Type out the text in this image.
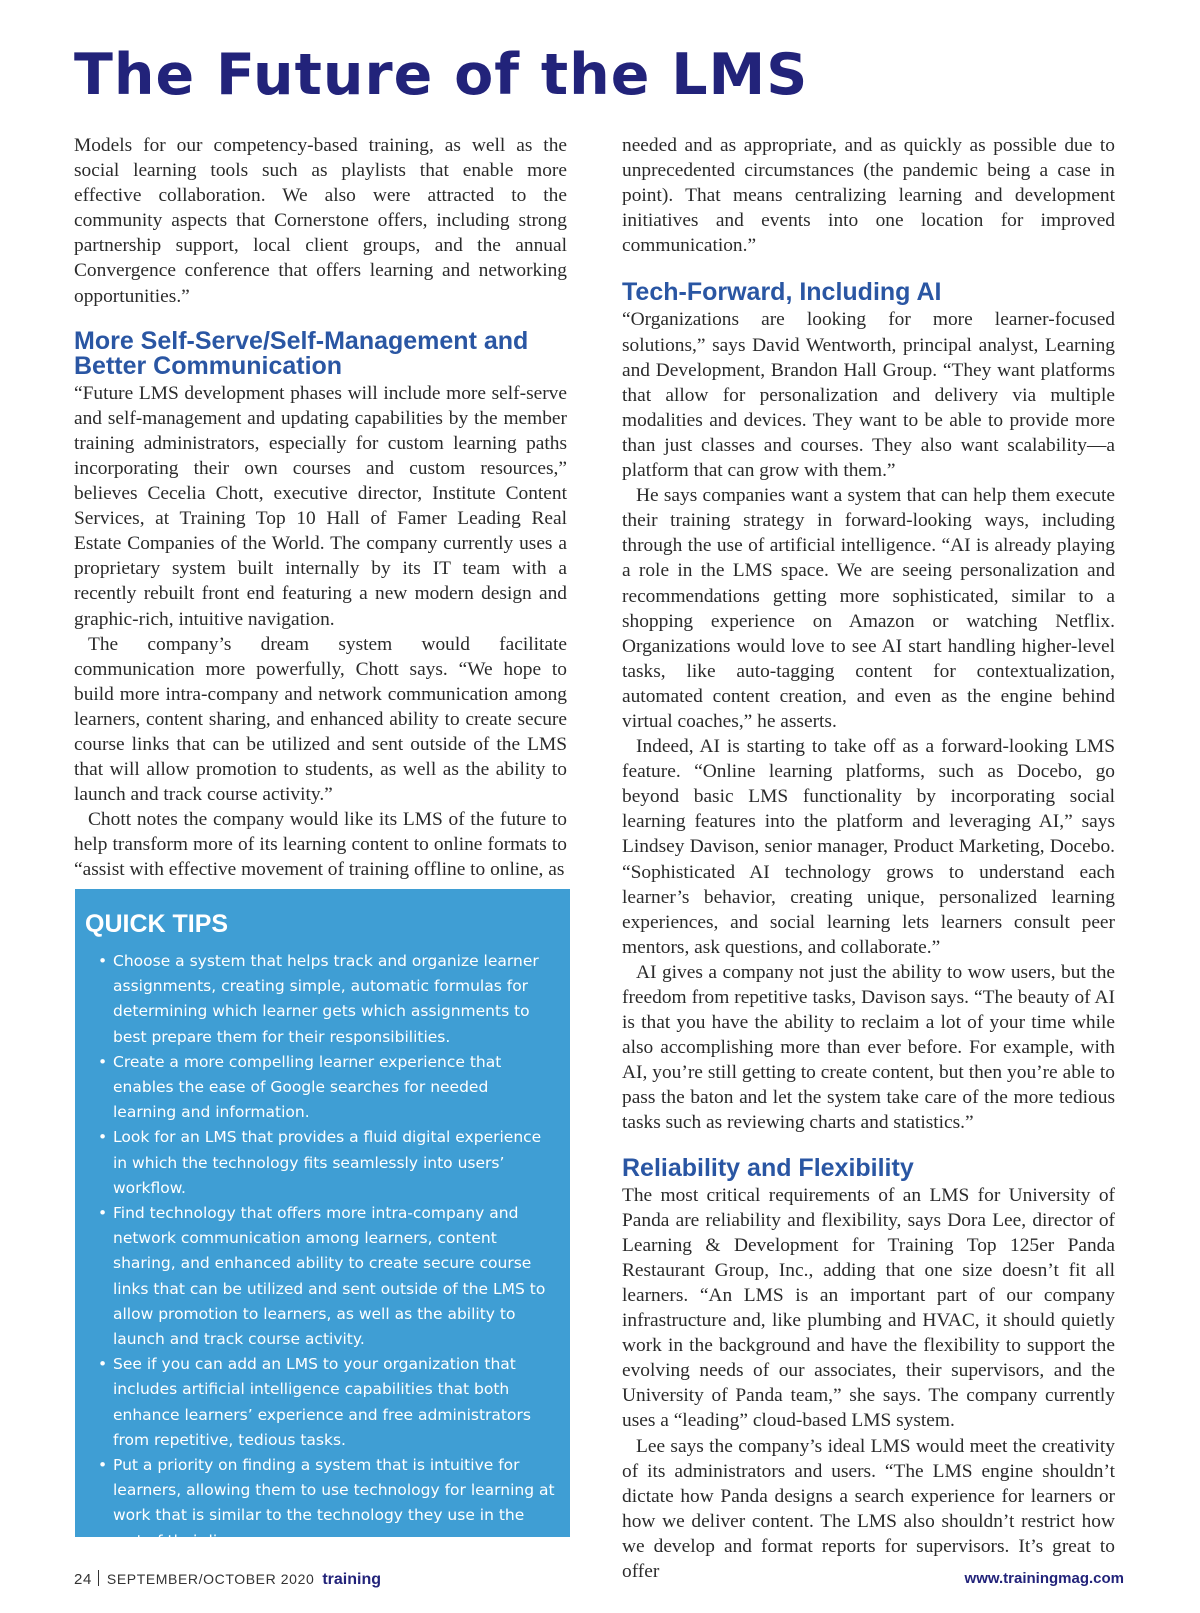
The Future of the LMS

Models for our competency-based training, as well as the social learning tools such as playlists that enable more effective collaboration. We also were attracted to the community aspects that Cornerstone offers, including strong partnership support, local client groups, and the annual Convergence conference that offers learning and networking opportunities.”

More Self-Serve/Self-Management and Better Communication

“Future LMS development phases will include more self-serve and self-management and updating capabilities by the member training administrators, especially for custom learning paths incorporating their own courses and custom resources,” believes Cecelia Chott, executive director, Institute Content Services, at Training Top 10 Hall of Famer Leading Real Estate Companies of the World. The company currently uses a proprietary system built internally by its IT team with a recently rebuilt front end featuring a new modern design and graphic-rich, intuitive navigation.

The company’s dream system would facilitate communication more powerfully, Chott says. “We hope to build more intra-company and network communication among learners, content sharing, and enhanced ability to create secure course links that can be utilized and sent outside of the LMS that will allow promotion to students, as well as the ability to launch and track course activity.”

Chott notes the company would like its LMS of the future to help transform more of its learning content to online formats to “assist with effective movement of training offline to online, as

QUICK TIPS
• Choose a system that helps track and organize learner assignments, creating simple, automatic formulas for determining which learner gets which assignments to best prepare them for their responsibilities.
• Create a more compelling learner experience that enables the ease of Google searches for needed learning and information.
• Look for an LMS that provides a fluid digital experience in which the technology fits seamlessly into users’ workflow.
• Find technology that offers more intra-company and network communication among learners, content sharing, and enhanced ability to create secure course links that can be utilized and sent outside of the LMS to allow promotion to learners, as well as the ability to launch and track course activity.
• See if you can add an LMS to your organization that includes artificial intelligence capabilities that both enhance learners’ experience and free administrators from repetitive, tedious tasks.
• Put a priority on finding a system that is intuitive for learners, allowing them to use technology for learning at work that is similar to the technology they use in the rest of their lives.

needed and as appropriate, and as quickly as possible due to unprecedented circumstances (the pandemic being a case in point). That means centralizing learning and development initiatives and events into one location for improved communication.”

Tech-Forward, Including AI

“Organizations are looking for more learner-focused solutions,” says David Wentworth, principal analyst, Learning and Development, Brandon Hall Group. “They want platforms that allow for personalization and delivery via multiple modalities and devices. They want to be able to provide more than just classes and courses. They also want scalability—a platform that can grow with them.”

He says companies want a system that can help them execute their training strategy in forward-looking ways, including through the use of artificial intelligence. “AI is already playing a role in the LMS space. We are seeing personalization and recommendations getting more sophisticated, similar to a shopping experience on Amazon or watching Netflix. Organizations would love to see AI start handling higher-level tasks, like auto-tagging content for contextualization, automated content creation, and even as the engine behind virtual coaches,” he asserts.

Indeed, AI is starting to take off as a forward-looking LMS feature. “Online learning platforms, such as Docebo, go beyond basic LMS functionality by incorporating social learning features into the platform and leveraging AI,” says Lindsey Davison, senior manager, Product Marketing, Docebo. “Sophisticated AI technology grows to understand each learner’s behavior, creating unique, personalized learning experiences, and social learning lets learners consult peer mentors, ask questions, and collaborate.”

AI gives a company not just the ability to wow users, but the freedom from repetitive tasks, Davison says. “The beauty of AI is that you have the ability to reclaim a lot of your time while also accomplishing more than ever before. For example, with AI, you’re still getting to create content, but then you’re able to pass the baton and let the system take care of the more tedious tasks such as reviewing charts and statistics.”

Reliability and Flexibility

The most critical requirements of an LMS for University of Panda are reliability and flexibility, says Dora Lee, director of Learning & Development for Training Top 125er Panda Restaurant Group, Inc., adding that one size doesn’t fit all learners. “An LMS is an important part of our company infrastructure and, like plumbing and HVAC, it should quietly work in the background and have the flexibility to support the evolving needs of our associates, their supervisors, and the University of Panda team,” she says. The company currently uses a “leading” cloud-based LMS system.

Lee says the company’s ideal LMS would meet the creativity of its administrators and users. “The LMS engine shouldn’t dictate how Panda designs a search experience for learners or how we deliver content. The LMS also shouldn’t restrict how we develop and format reports for supervisors. It’s great to offer

24 SEPTEMBER/OCTOBER 2020 training	www.trainingmag.com
